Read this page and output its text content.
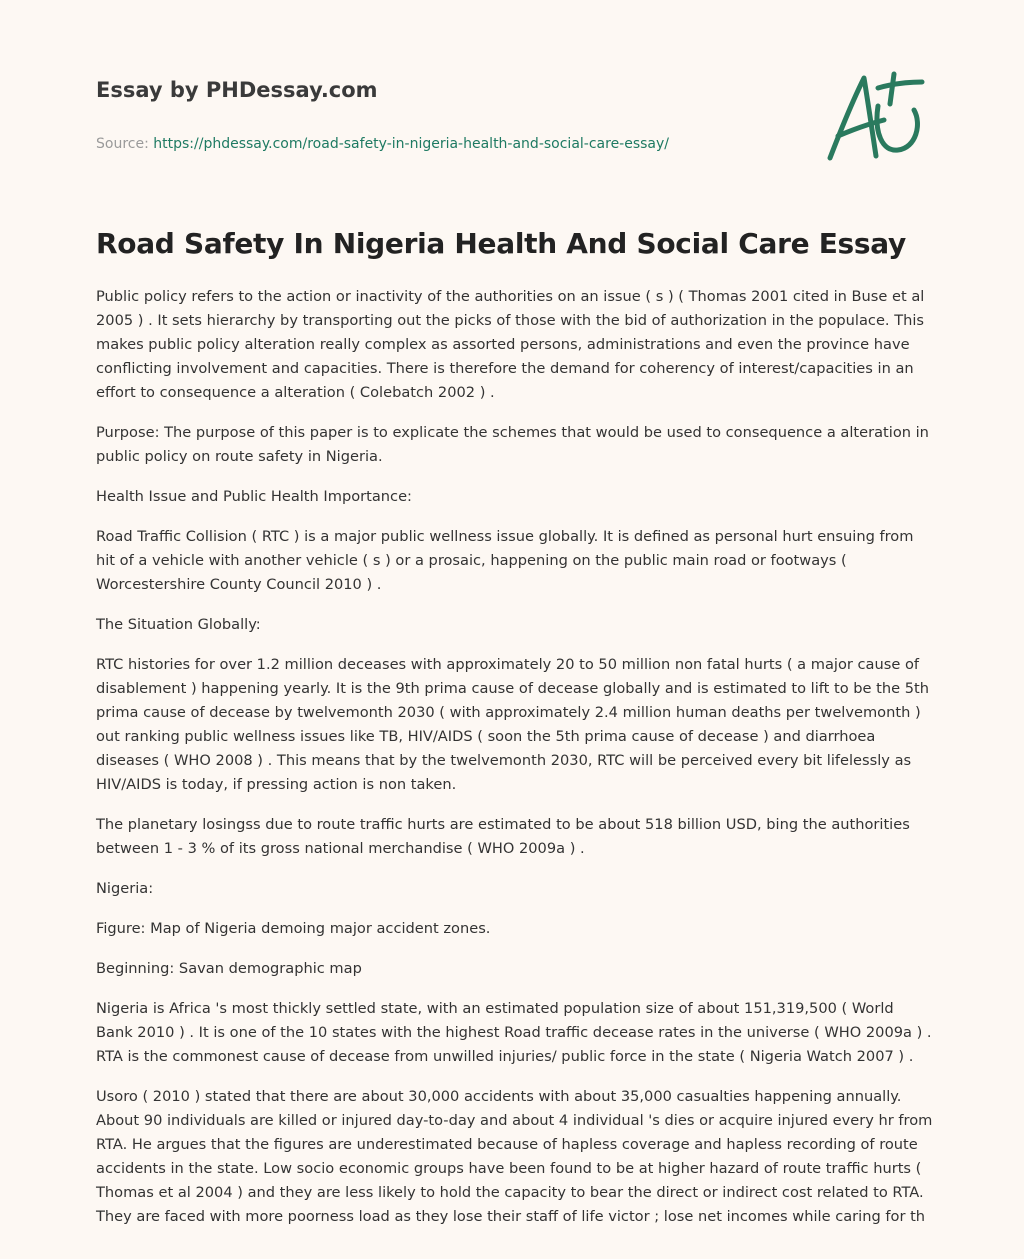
Essay by PHDessay.com
Source: https://phdessay.com/road-safety-in-nigeria-health-and-social-care-essay/
Road Safety In Nigeria Health And Social Care Essay

Public policy refers to the action or inactivity of the authorities on an issue ( s ) ( Thomas 2001 cited in Buse et al 2005 ) . It sets hierarchy by transporting out the picks of those with the bid of authorization in the populace. This makes public policy alteration really complex as assorted persons, administrations and even the province have conflicting involvement and capacities. There is therefore the demand for coherency of interest/capacities in an effort to consequence a alteration ( Colebatch 2002 ) .

Purpose: The purpose of this paper is to explicate the schemes that would be used to consequence a alteration in public policy on route safety in Nigeria.

Health Issue and Public Health Importance:

Road Traffic Collision ( RTC ) is a major public wellness issue globally. It is defined as personal hurt ensuing from hit of a vehicle with another vehicle ( s ) or a prosaic, happening on the public main road or footways ( Worcestershire County Council 2010 ) .

The Situation Globally:

RTC histories for over 1.2 million deceases with approximately 20 to 50 million non fatal hurts ( a major cause of disablement ) happening yearly. It is the 9th prima cause of decease globally and is estimated to lift to be the 5th prima cause of decease by twelvemonth 2030 ( with approximately 2.4 million human deaths per twelvemonth ) out ranking public wellness issues like TB, HIV/AIDS ( soon the 5th prima cause of decease ) and diarrhoea diseases ( WHO 2008 ) . This means that by the twelvemonth 2030, RTC will be perceived every bit lifelessly as HIV/AIDS is today, if pressing action is non taken.

The planetary losingss due to route traffic hurts are estimated to be about 518 billion USD, bing the authorities between 1 - 3 % of its gross national merchandise ( WHO 2009a ) .

Nigeria:

Figure: Map of Nigeria demoing major accident zones.

Beginning: Savan demographic map

Nigeria is Africa 's most thickly settled state, with an estimated population size of about 151,319,500 ( World Bank 2010 ) . It is one of the 10 states with the highest Road traffic decease rates in the universe ( WHO 2009a ) . RTA is the commonest cause of decease from unwilled injuries/ public force in the state ( Nigeria Watch 2007 ) .

Usoro ( 2010 ) stated that there are about 30,000 accidents with about 35,000 casualties happening annually. About 90 individuals are killed or injured day-to-day and about 4 individual 's dies or acquire injured every hr from RTA. He argues that the figures are underestimated because of hapless coverage and hapless recording of route accidents in the state. Low socio economic groups have been found to be at higher hazard of route traffic hurts ( Thomas et al 2004 ) and they are less likely to hold the capacity to bear the direct or indirect cost related to RTA. They are faced with more poorness load as they lose their staff of life victor ; lose net incomes while caring for th
